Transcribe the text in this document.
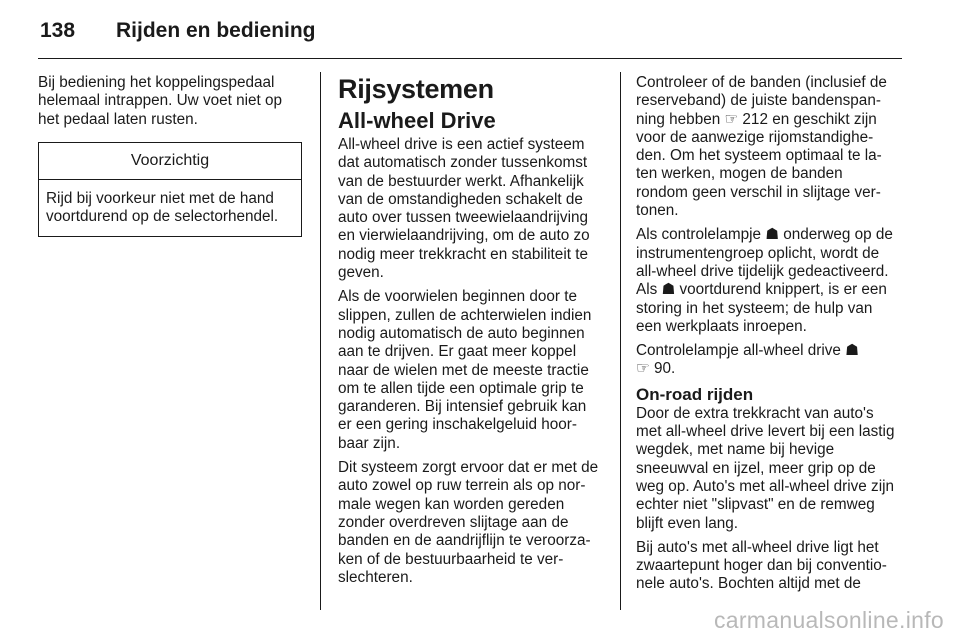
138 Rijden en bediening

Bij bediening het koppelingspedaal
helemaal intrappen. Uw voet niet op
het pedaal laten rusten.

Voorzichtig
Rijd bij voorkeur niet met de hand
voortdurend op de selectorhendel.
Rijsystemen
All-wheel Drive

All-wheel drive is een actief systeem
dat automatisch zonder tussenkomst
van de bestuurder werkt. Afhankelijk
van de omstandigheden schakelt de
auto over tussen tweewielaandrijving
en vierwielaandrijving, om de auto zo
nodig meer trekkracht en stabiliteit te
geven.

Als de voorwielen beginnen door te
slippen, zullen de achterwielen indien
nodig automatisch de auto beginnen
aan te drijven. Er gaat meer koppel
naar de wielen met de meeste tractie
om te allen tijde een optimale grip te
garanderen. Bij intensief gebruik kan
er een gering inschakelgeluid hoor-
baar zijn.

Dit systeem zorgt ervoor dat er met de
auto zowel op ruw terrein als op nor-
male wegen kan worden gereden
zonder overdreven slijtage aan de
banden en de aandrijflijn te veroorza-
ken of de bestuurbaarheid te ver-
slechteren.

Controleer of de banden (inclusief de
reserveband) de juiste bandenspan-
ning hebben ☞ 212 en geschikt zijn
voor de aanwezige rijomstandighe-
den. Om het systeem optimaal te la-
ten werken, mogen de banden
rondom geen verschil in slijtage ver-
tonen.

Als controlelampje ☗ onderweg op de
instrumentengroep oplicht, wordt de
all-wheel drive tijdelijk gedeactiveerd.
Als ☗ voortdurend knippert, is er een
storing in het systeem; de hulp van
een werkplaats inroepen.

Controlelampje all-wheel drive ☗
☞ 90.

On-road rijden

Door de extra trekkracht van auto's
met all-wheel drive levert bij een lastig
wegdek, met name bij hevige
sneeuwval en ijzel, meer grip op de
weg op. Auto's met all-wheel drive zijn
echter niet "slipvast" en de remweg
blijft even lang.

Bij auto's met all-wheel drive ligt het
zwaartepunt hoger dan bij conventio-
nele auto's. Bochten altijd met de

carmanualsonline.info
